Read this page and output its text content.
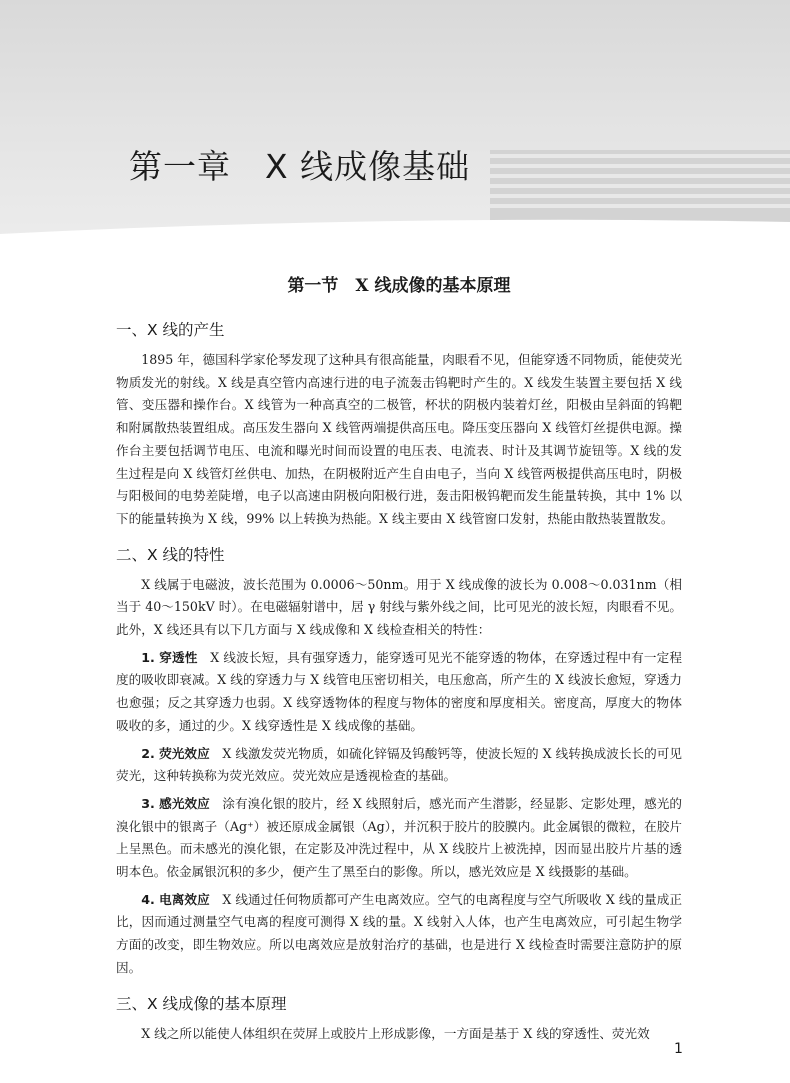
第一章　X 线成像基础
第一节　X 线成像的基本原理
一、X 线的产生

1895 年，德国科学家伦琴发现了这种具有很高能量，肉眼看不见，但能穿透不同物质，能使荧光物质发光的射线。X 线是真空管内高速行进的电子流轰击钨靶时产生的。X 线发生装置主要包括 X 线管、变压器和操作台。X 线管为一种高真空的二极管，杯状的阴极内装着灯丝，阳极由呈斜面的钨靶和附属散热装置组成。高压发生器向 X 线管两端提供高压电。降压变压器向 X 线管灯丝提供电源。操作台主要包括调节电压、电流和曝光时间而设置的电压表、电流表、时计及其调节旋钮等。X 线的发生过程是向 X 线管灯丝供电、加热，在阴极附近产生自由电子，当向 X 线管两极提供高压电时，阴极与阳极间的电势差陡增，电子以高速由阴极向阳极行进，轰击阳极钨靶而发生能量转换，其中 1% 以下的能量转换为 X 线，99% 以上转换为热能。X 线主要由 X 线管窗口发射，热能由散热装置散发。

二、X 线的特性

X 线属于电磁波，波长范围为 0.0006～50nm。用于 X 线成像的波长为 0.008～0.031nm（相当于 40～150kV 时）。在电磁辐射谱中，居 γ 射线与紫外线之间，比可见光的波长短，肉眼看不见。此外，X 线还具有以下几方面与 X 线成像和 X 线检查相关的特性：

1. 穿透性　X 线波长短，具有强穿透力，能穿透可见光不能穿透的物体，在穿透过程中有一定程度的吸收即衰减。X 线的穿透力与 X 线管电压密切相关，电压愈高，所产生的 X 线波长愈短，穿透力也愈强；反之其穿透力也弱。X 线穿透物体的程度与物体的密度和厚度相关。密度高，厚度大的物体吸收的多，通过的少。X 线穿透性是 X 线成像的基础。

2. 荧光效应　X 线激发荧光物质，如硫化锌镉及钨酸钙等，使波长短的 X 线转换成波长长的可见荧光，这种转换称为荧光效应。荧光效应是透视检查的基础。

3. 感光效应　涂有溴化银的胶片，经 X 线照射后，感光而产生潜影，经显影、定影处理，感光的溴化银中的银离子（Ag⁺）被还原成金属银（Ag），并沉积于胶片的胶膜内。此金属银的微粒，在胶片上呈黑色。而未感光的溴化银，在定影及冲洗过程中，从 X 线胶片上被洗掉，因而显出胶片片基的透明本色。依金属银沉积的多少，便产生了黑至白的影像。所以，感光效应是 X 线摄影的基础。

4. 电离效应　X 线通过任何物质都可产生电离效应。空气的电离程度与空气所吸收 X 线的量成正比，因而通过测量空气电离的程度可测得 X 线的量。X 线射入人体，也产生电离效应，可引起生物学方面的改变，即生物效应。所以电离效应是放射治疗的基础，也是进行 X 线检查时需要注意防护的原因。

三、X 线成像的基本原理

X 线之所以能使人体组织在荧屏上或胶片上形成影像，一方面是基于 X 线的穿透性、荧光效

1
